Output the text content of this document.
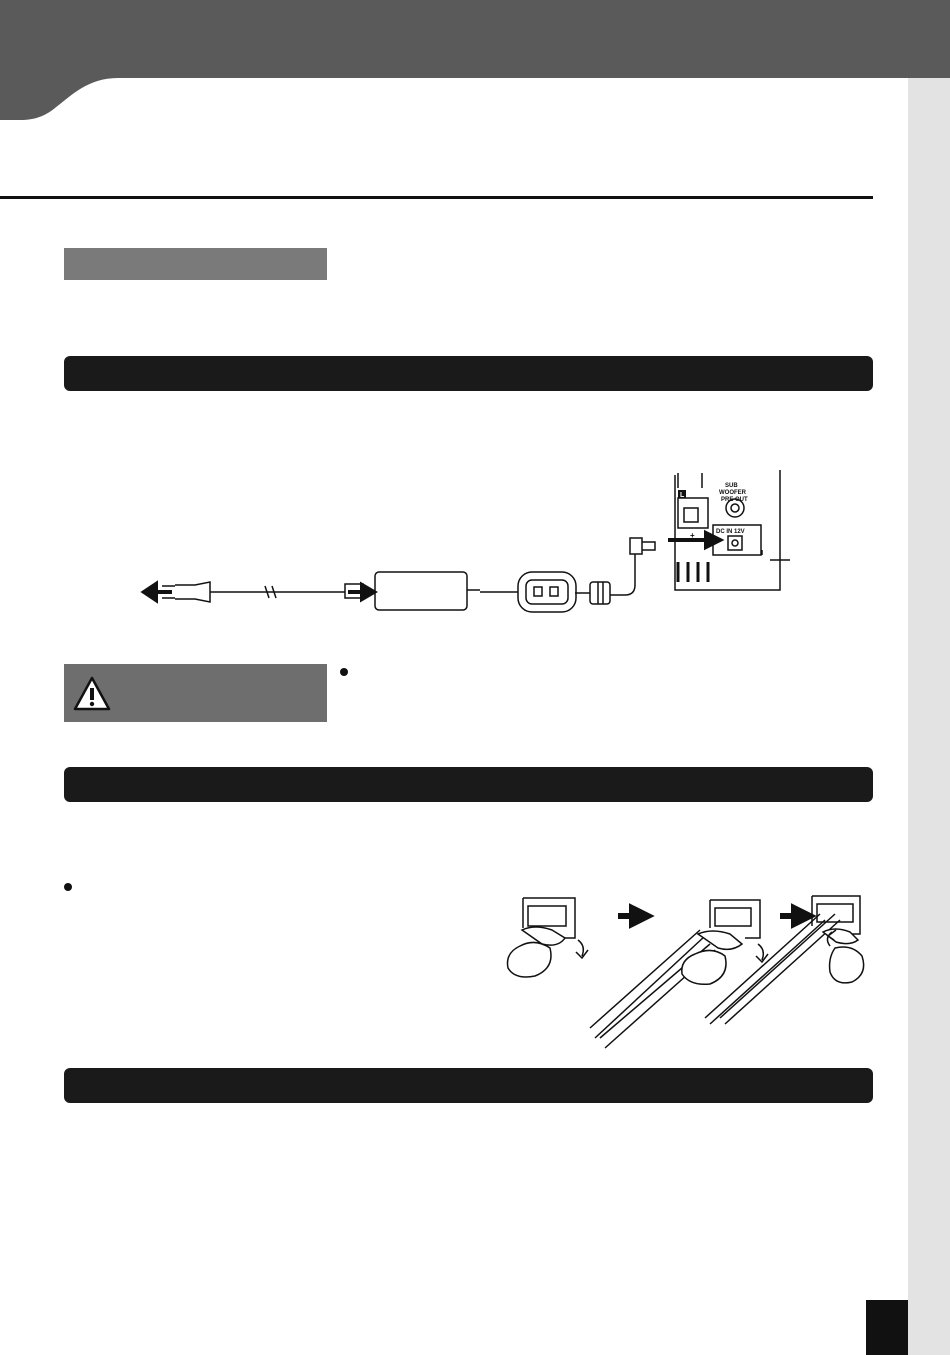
L
+
SUB
WOOFER
PRE OUT
DC IN 12V
